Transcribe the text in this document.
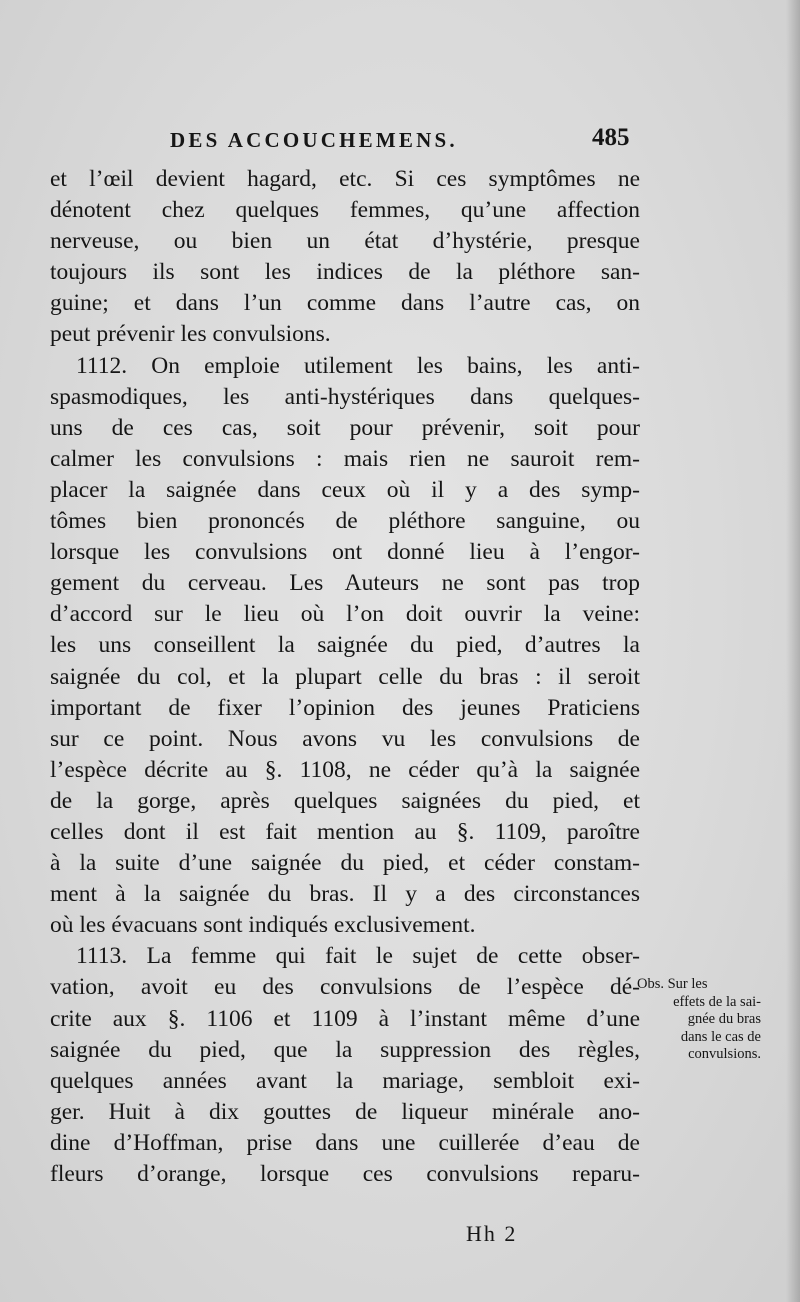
DES ACCOUCHEMENS.	485
et l’œil devient hagard, etc. Si ces symptômes ne
dénotent chez quelques femmes, qu’une affection
nerveuse, ou bien un état d’hystérie, presque
toujours ils sont les indices de la pléthore san-
guine; et dans l’un comme dans l’autre cas, on
peut prévenir les convulsions.
1112. On emploie utilement les bains, les anti-
spasmodiques, les anti-hystériques dans quelques-
uns de ces cas, soit pour prévenir, soit pour
calmer les convulsions : mais rien ne sauroit rem-
placer la saignée dans ceux où il y a des symp-
tômes bien prononcés de pléthore sanguine, ou
lorsque les convulsions ont donné lieu à l’engor-
gement du cerveau. Les Auteurs ne sont pas trop
d’accord sur le lieu où l’on doit ouvrir la veine:
les uns conseillent la saignée du pied, d’autres la
saignée du col, et la plupart celle du bras : il seroit
important de fixer l’opinion des jeunes Praticiens
sur ce point. Nous avons vu les convulsions de
l’espèce décrite au §. 1108, ne céder qu’à la saignée
de la gorge, après quelques saignées du pied, et
celles dont il est fait mention au §. 1109, paroître
à la suite d’une saignée du pied, et céder constam-
ment à la saignée du bras. Il y a des circonstances
où les évacuans sont indiqués exclusivement.
1113. La femme qui fait le sujet de cette obser-
vation, avoit eu des convulsions de l’espèce dé-
crite aux §. 1106 et 1109 à l’instant même d’une
saignée du pied, que la suppression des règles,
quelques années avant la mariage, sembloit exi-
ger. Huit à dix gouttes de liqueur minérale ano-
dine d’Hoffman, prise dans une cuillerée d’eau de
fleurs d’orange, lorsque ces convulsions reparu-
Obs. Sur les
effets de la sai-
gnée du bras
dans le cas de
convulsions.
Hh 2
